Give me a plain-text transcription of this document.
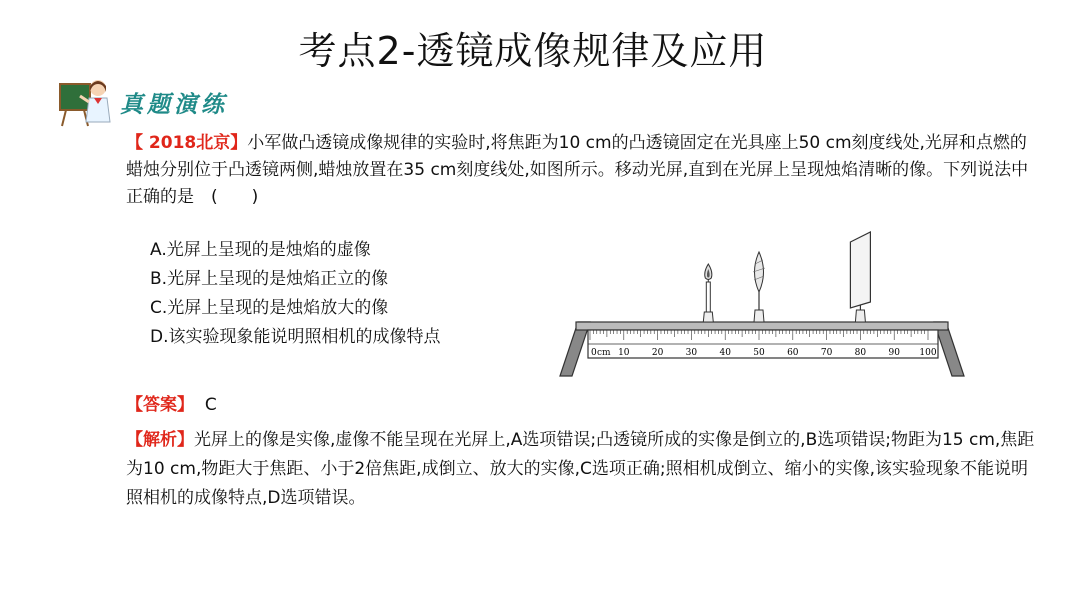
考点2-透镜成像规律及应用
真题演练
【 2018北京】小军做凸透镜成像规律的实验时,将焦距为10 cm的凸透镜固定在光具座上50 cm刻度线处,光屏和点燃的蜡烛分别位于凸透镜两侧,蜡烛放置在35 cm刻度线处,如图所示。移动光屏,直到在光屏上呈现烛焰清晰的像。下列说法中正确的是　(　　)
A.光屏上呈现的是烛焰的虚像
B.光屏上呈现的是烛焰正立的像
C.光屏上呈现的是烛焰放大的像
D.该实验现象能说明照相机的成像特点
0 10 20 30 40 50 60 70 80 90 100
cm
【答案】 C
【解析】光屏上的像是实像,虚像不能呈现在光屏上,A选项错误;凸透镜所成的实像是倒立的,B选项错误;物距为15 cm,焦距为10 cm,物距大于焦距、小于2倍焦距,成倒立、放大的实像,C选项正确;照相机成倒立、缩小的实像,该实验现象不能说明照相机的成像特点,D选项错误。
